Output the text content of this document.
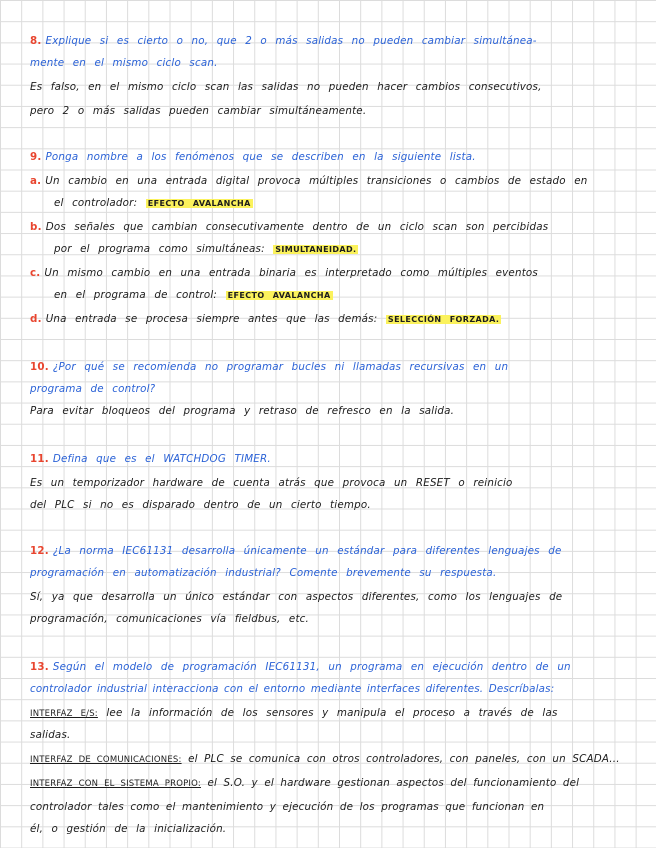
8. Explique si es cierto o no, que 2 o más salidas no pueden cambiar simultánea-
mente en el mismo ciclo scan.
Es falso, en el mismo ciclo scan las salidas no pueden hacer cambios consecutivos,
pero 2 o más salidas pueden cambiar simultáneamente.
9. Ponga nombre a los fenómenos que se describen en la siguiente lista.
a. Un cambio en una entrada digital provoca múltiples transiciones o cambios de estado en
el controlador: EFECTO AVALANCHA
b. Dos señales que cambian consecutivamente dentro de un ciclo scan son percibidas
por el programa como simultáneas: SIMULTANEIDAD.
c. Un mismo cambio en una entrada binaria es interpretado como múltiples eventos
en el programa de control: EFECTO AVALANCHA
d. Una entrada se procesa siempre antes que las demás: SELECCIÓN FORZADA.
10. ¿Por qué se recomienda no programar bucles ni llamadas recursivas en un
programa de control?
Para evitar bloqueos del programa y retraso de refresco en la salida.
11. Defina que es el WATCHDOG TIMER.
Es un temporizador hardware de cuenta atrás que provoca un RESET o reinicio
del PLC si no es disparado dentro de un cierto tiempo.
12. ¿La norma IEC61131 desarrolla únicamente un estándar para diferentes lenguajes de
programación en automatización industrial? Comente brevemente su respuesta.
Sí, ya que desarrolla un único estándar con aspectos diferentes, como los lenguajes de
programación, comunicaciones vía fieldbus, etc.
13. Según el modelo de programación IEC61131, un programa en ejecución dentro de un
controlador industrial interacciona con el entorno mediante interfaces diferentes. Descríbalas:
INTERFAZ E/S: lee la información de los sensores y manipula el proceso a través de las
salidas.
INTERFAZ DE COMUNICACIONES: el PLC se comunica con otros controladores, con paneles, con un SCADA...
INTERFAZ CON EL SISTEMA PROPIO: el S.O. y el hardware gestionan aspectos del funcionamiento del
controlador tales como el mantenimiento y ejecución de los programas que funcionan en
él, o gestión de la inicialización.
